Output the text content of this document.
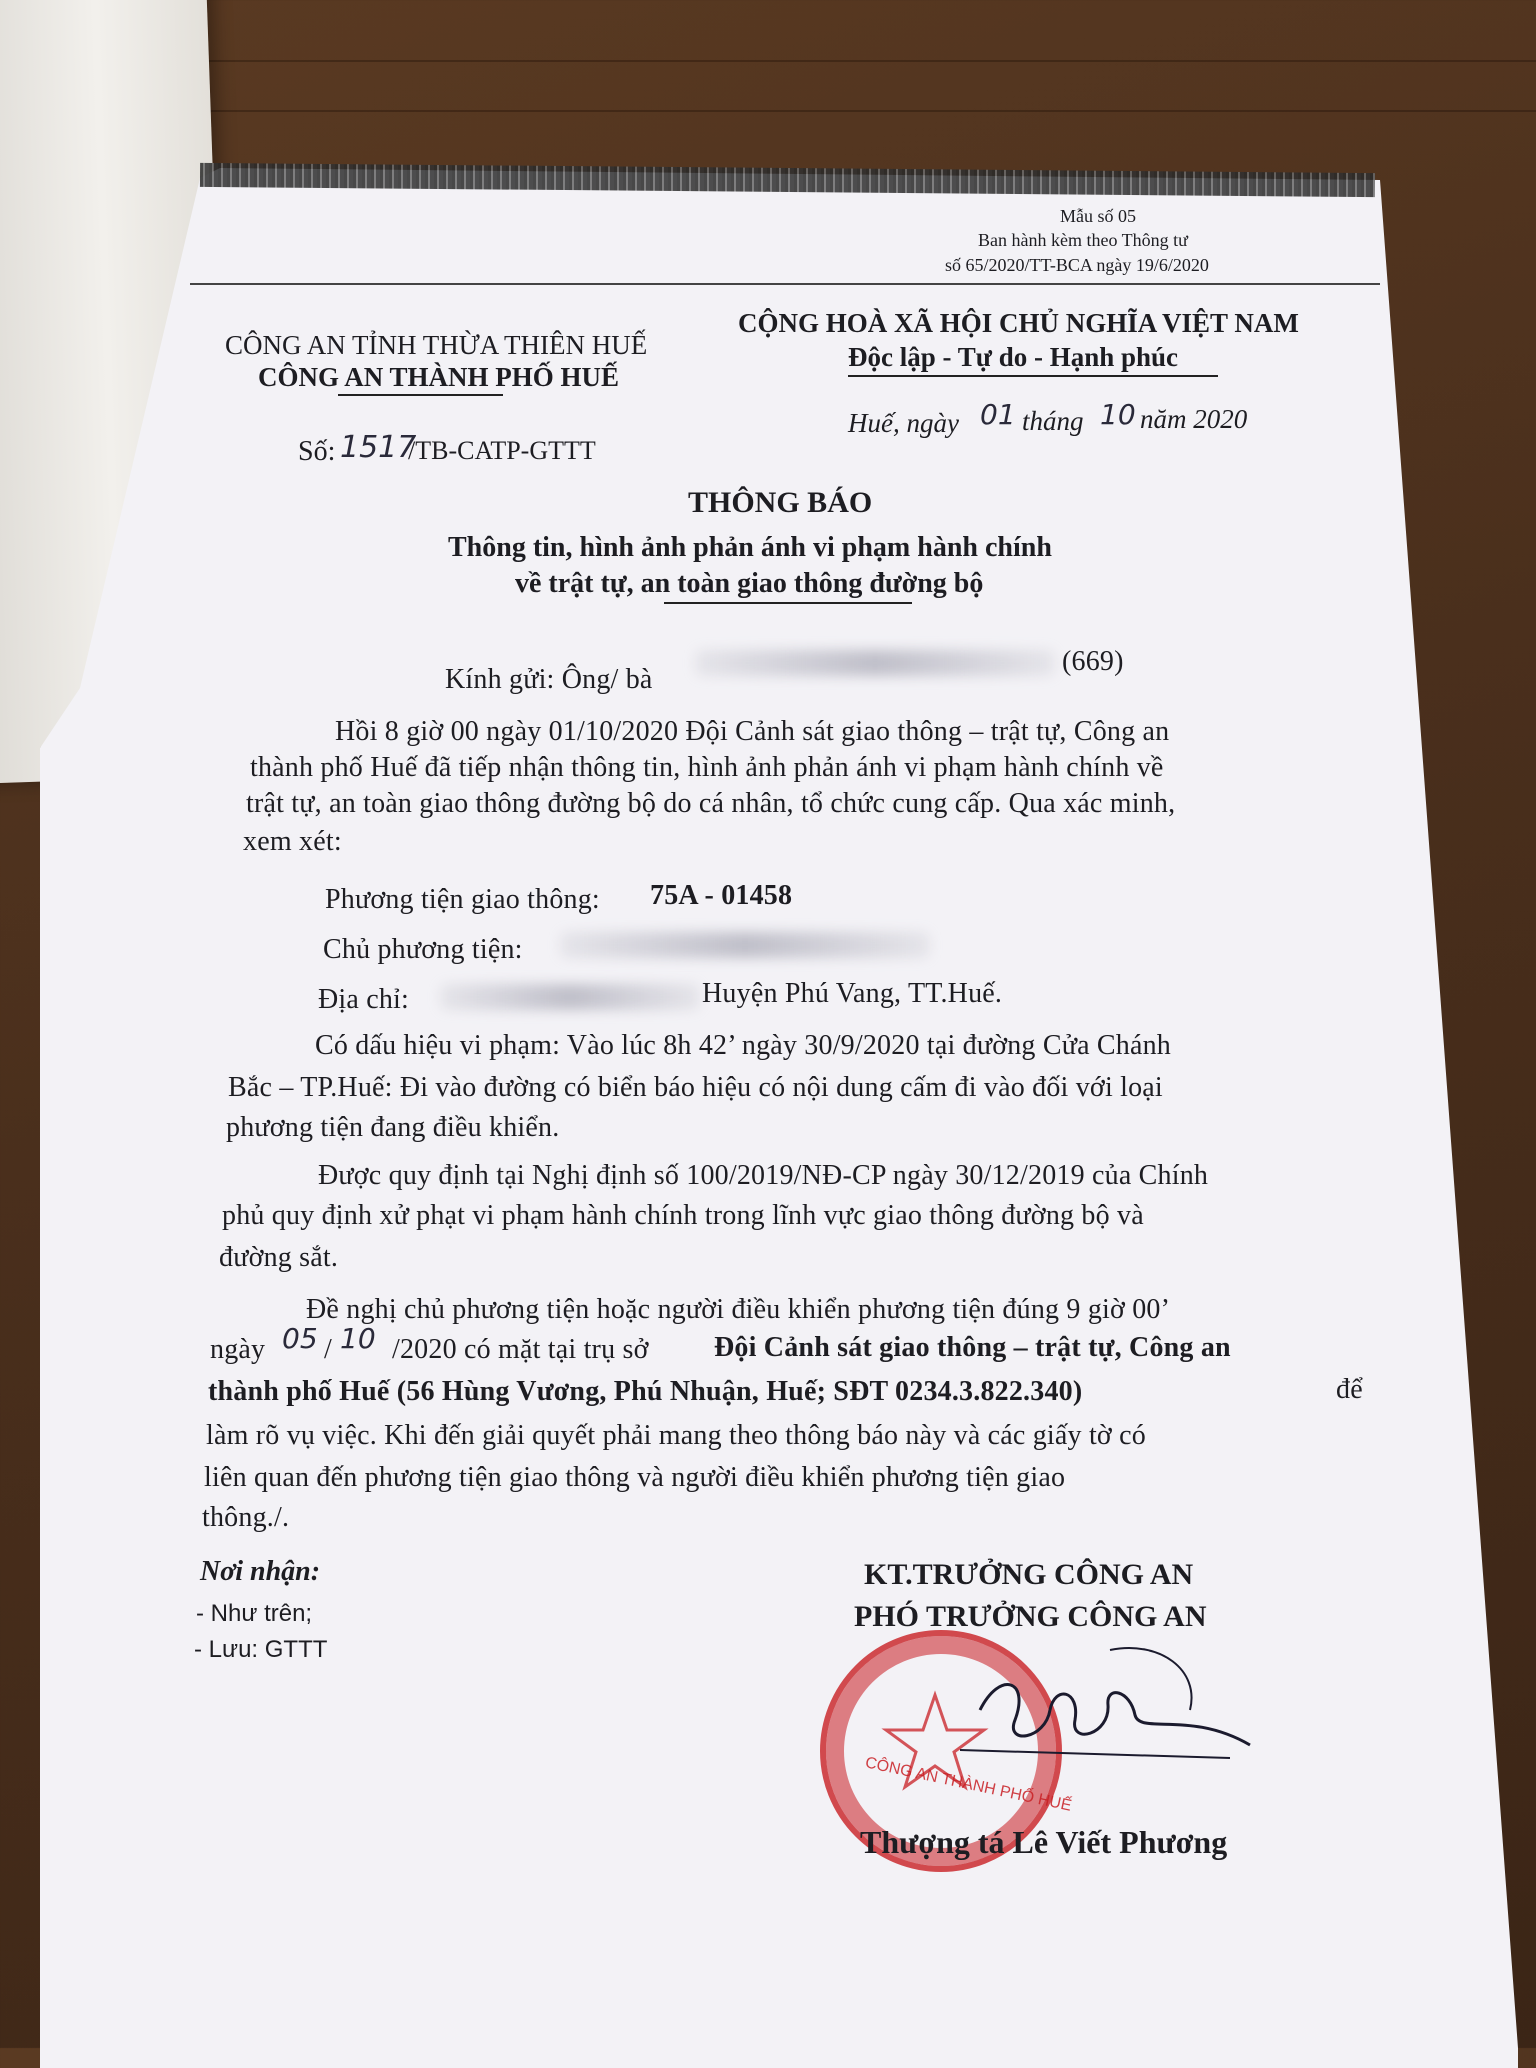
Mẫu số 05
Ban hành kèm theo Thông tư
số 65/2020/TT-BCA ngày 19/6/2020
CÔNG AN TỈNH THỪA THIÊN HUẾ
CÔNG AN THÀNH PHỐ HUẾ
CỘNG HOÀ XÃ HỘI CHỦ NGHĨA VIỆT NAM
Độc lập - Tự do - Hạnh phúc
Số: 1517
/TB-CATP-GTTT
Huế, ngày 01 tháng 10 năm 2020
THÔNG BÁO
Thông tin, hình ảnh phản ánh vi phạm hành chính
về trật tự, an toàn giao thông đường bộ
Kính gửi: Ông/ bà
(669)
Hồi 8 giờ 00 ngày 01/10/2020 Đội Cảnh sát giao thông – trật tự, Công an
thành phố Huế đã tiếp nhận thông tin, hình ảnh phản ánh vi phạm hành chính về
trật tự, an toàn giao thông đường bộ do cá nhân, tổ chức cung cấp. Qua xác minh,
xem xét:
Phương tiện giao thông: 75A - 01458
Chủ phương tiện:
Địa chỉ:	Huyện Phú Vang, TT.Huế.
Có dấu hiệu vi phạm: Vào lúc 8h 42’ ngày 30/9/2020 tại đường Cửa Chánh
Bắc – TP.Huế: Đi vào đường có biển báo hiệu có nội dung cấm đi vào đối với loại
phương tiện đang điều khiển.
Được quy định tại Nghị định số 100/2019/NĐ-CP ngày 30/12/2019 của Chính
phủ quy định xử phạt vi phạm hành chính trong lĩnh vực giao thông đường bộ và
đường sắt.
Đề nghị chủ phương tiện hoặc người điều khiển phương tiện đúng 9 giờ 00’
ngày 05 / 10 /2020 có mặt tại trụ sở Đội Cảnh sát giao thông – trật tự, Công an
thành phố Huế (56 Hùng Vương, Phú Nhuận, Huế; SĐT 0234.3.822.340)	để
làm rõ vụ việc. Khi đến giải quyết phải mang theo thông báo này và các giấy tờ có
liên quan đến phương tiện giao thông và người điều khiển phương tiện giao
thông./.
Nơi nhận:
- Như trên;
- Lưu: GTTT
KT.TRƯỞNG CÔNG AN
PHÓ TRƯỞNG CÔNG AN
CÔNG AN THÀNH PHỐ HUẾ
Thượng tá Lê Viết Phương
